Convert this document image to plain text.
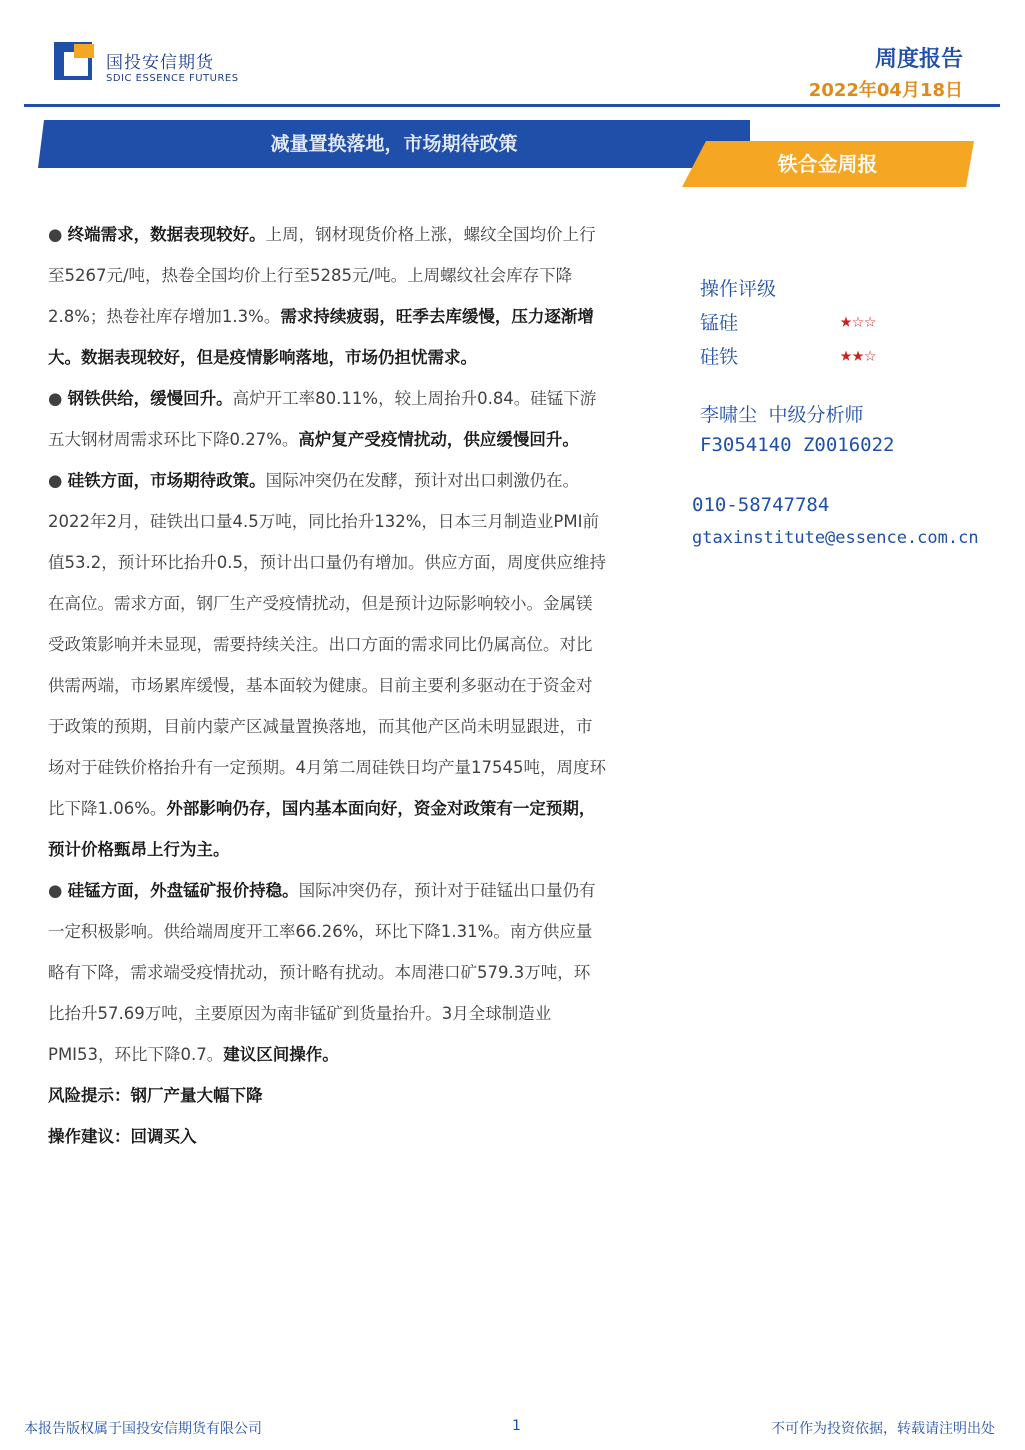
国投安信期货
SDIC ESSENCE FUTURES
周度报告
2022年04月18日
减量置换落地，市场期待政策
铁合金周报

● 终端需求，数据表现较好。上周，钢材现货价格上涨，螺纹全国均价上行至5267元/吨，热卷全国均价上行至5285元/吨。上周螺纹社会库存下降2.8%；热卷社库存增加1.3%。需求持续疲弱，旺季去库缓慢，压力逐渐增大。数据表现较好，但是疫情影响落地，市场仍担忧需求。

● 钢铁供给，缓慢回升。高炉开工率80.11%，较上周抬升0.84。硅锰下游五大钢材周需求环比下降0.27%。高炉复产受疫情扰动，供应缓慢回升。

● 硅铁方面，市场期待政策。国际冲突仍在发酵，预计对出口刺激仍在。2022年2月，硅铁出口量4.5万吨，同比抬升132%，日本三月制造业PMI前值53.2，预计环比抬升0.5，预计出口量仍有增加。供应方面，周度供应维持在高位。需求方面，钢厂生产受疫情扰动，但是预计边际影响较小。金属镁受政策影响并未显现，需要持续关注。出口方面的需求同比仍属高位。对比供需两端，市场累库缓慢，基本面较为健康。目前主要利多驱动在于资金对于政策的预期，目前内蒙产区减量置换落地，而其他产区尚未明显跟进，市场对于硅铁价格抬升有一定预期。4月第二周硅铁日均产量17545吨，周度环比下降1.06%。外部影响仍存，国内基本面向好，资金对政策有一定预期，预计价格甄昂上行为主。

● 硅锰方面，外盘锰矿报价持稳。国际冲突仍存，预计对于硅锰出口量仍有一定积极影响。供给端周度开工率66.26%，环比下降1.31%。南方供应量略有下降，需求端受疫情扰动，预计略有扰动。本周港口矿579.3万吨，环比抬升57.69万吨，主要原因为南非锰矿到货量抬升。3月全球制造业PMI53，环比下降0.7。建议区间操作。

风险提示：钢厂产量大幅下降

操作建议：回调买入

操作评级
锰硅	★☆☆
硅铁	★★☆
李啸尘 中级分析师
F3054140 Z0016022
010-58747784
gtaxinstitute@essence.com.cn
本报告版权属于国投安信期货有限公司	1	不可作为投资依据，转载请注明出处
